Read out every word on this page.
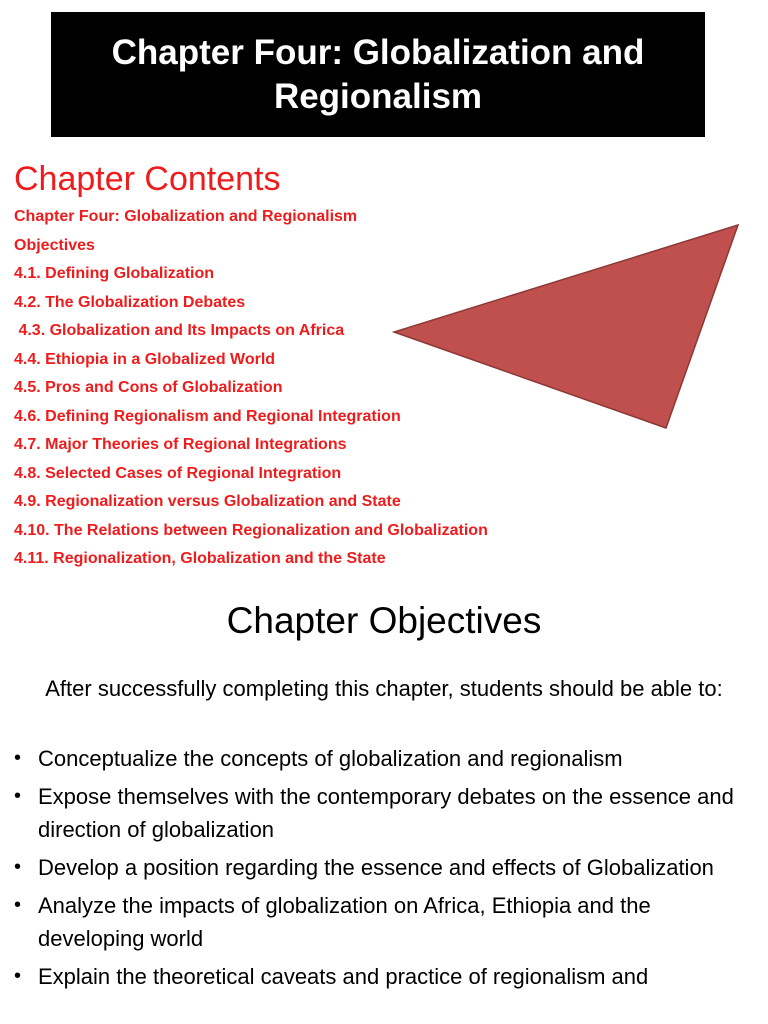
Chapter Four: Globalization and
Regionalism
Chapter Contents
Chapter Four: Globalization and Regionalism
Objectives
4.1. Defining Globalization
4.2. The Globalization Debates
4.3. Globalization and Its Impacts on Africa
4.4. Ethiopia in a Globalized World
4.5. Pros and Cons of Globalization
4.6. Defining Regionalism and Regional Integration
4.7. Major Theories of Regional Integrations
4.8. Selected Cases of Regional Integration
4.9. Regionalization versus Globalization and State
4.10. The Relations between Regionalization and Globalization
4.11. Regionalization, Globalization and the State
Chapter Objectives
After successfully completing this chapter, students should be able to:
• Conceptualize the concepts of globalization and regionalism
• Expose themselves with the contemporary debates on the essence and direction of globalization
• Develop a position regarding the essence and effects of Globalization
• Analyze the impacts of globalization on Africa, Ethiopia and the developing world
• Explain the theoretical caveats and practice of regionalism and
